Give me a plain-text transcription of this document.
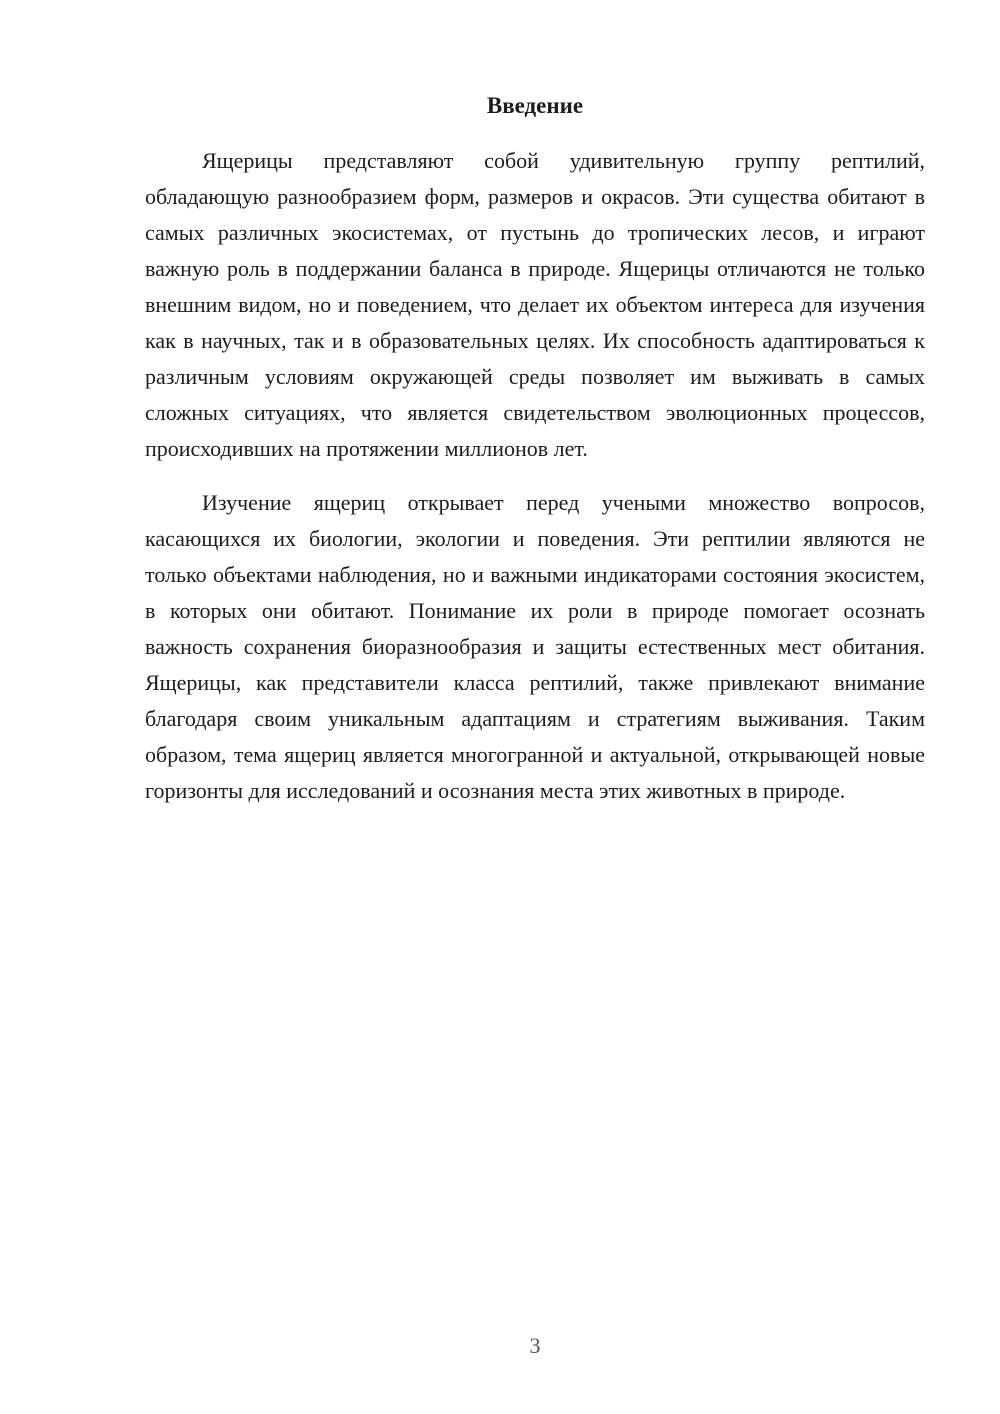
Введение

Ящерицы представляют собой удивительную группу рептилий, обладающую разнообразием форм, размеров и окрасов. Эти существа обитают в самых различных экосистемах, от пустынь до тропических лесов, и играют важную роль в поддержании баланса в природе. Ящерицы отличаются не только внешним видом, но и поведением, что делает их объектом интереса для изучения как в научных, так и в образовательных целях. Их способность адаптироваться к различным условиям окружающей среды позволяет им выживать в самых сложных ситуациях, что является свидетельством эволюционных процессов, происходивших на протяжении миллионов лет.

Изучение ящериц открывает перед учеными множество вопросов, касающихся их биологии, экологии и поведения. Эти рептилии являются не только объектами наблюдения, но и важными индикаторами состояния экосистем, в которых они обитают. Понимание их роли в природе помогает осознать важность сохранения биоразнообразия и защиты естественных мест обитания. Ящерицы, как представители класса рептилий, также привлекают внимание благодаря своим уникальным адаптациям и стратегиям выживания. Таким образом, тема ящериц является многогранной и актуальной, открывающей новые горизонты для исследований и осознания места этих животных в природе.

3
